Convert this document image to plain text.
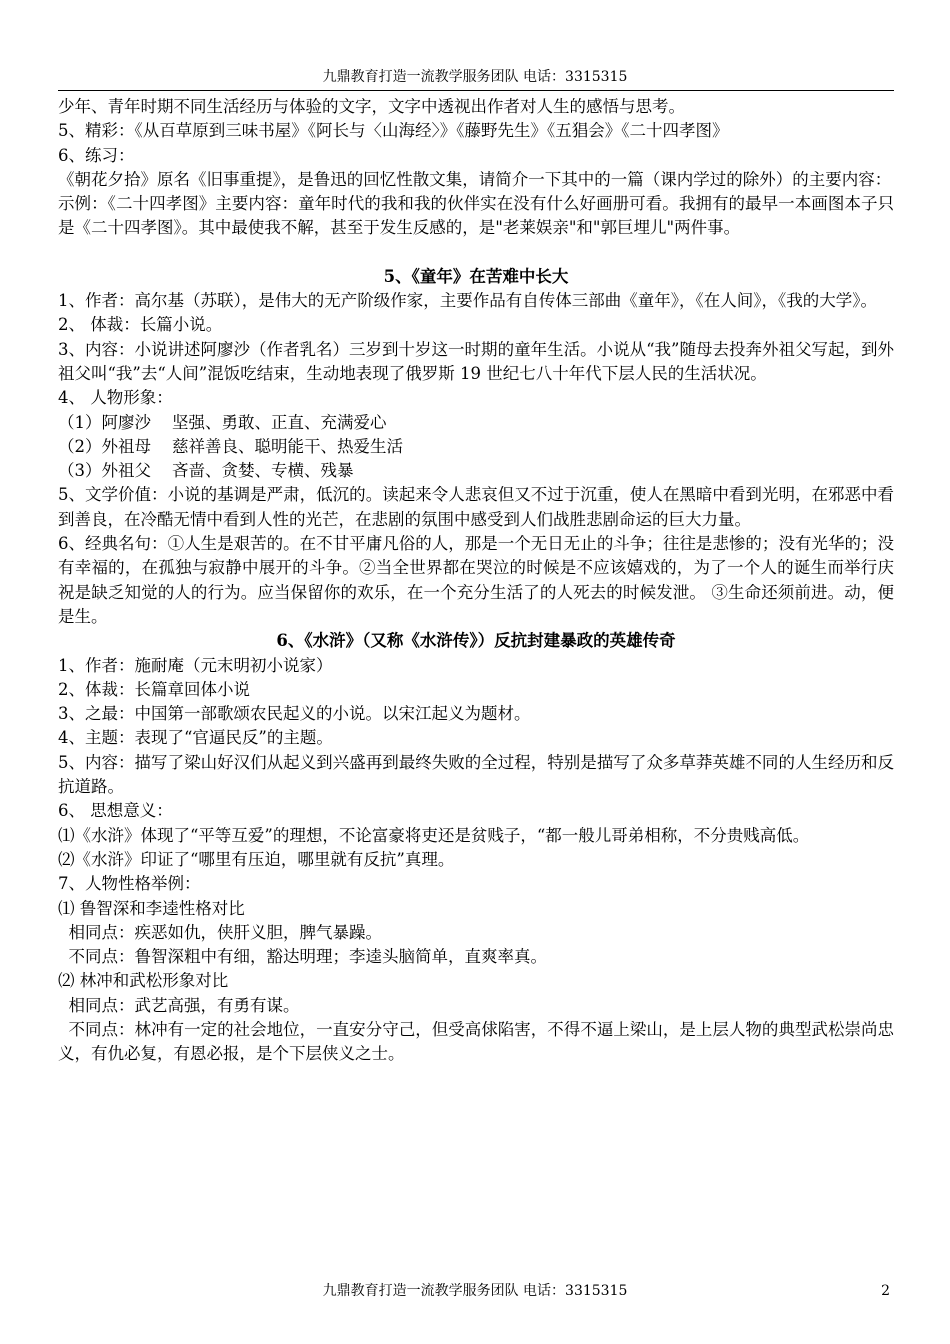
九鼎教育打造一流教学服务团队 电话：3315315

少年、青年时期不同生活经历与体验的文字，文字中透视出作者对人生的感悟与思考。

5、精彩：《从百草原到三味书屋》《阿长与〈山海经〉》《藤野先生》《五猖会》《二十四孝图》

6、练习：

《朝花夕拾》原名《旧事重提》，是鲁迅的回忆性散文集，请简介一下其中的一篇（课内学过的除外）的主要内容：

示例：《二十四孝图》主要内容：童年时代的我和我的伙伴实在没有什么好画册可看。我拥有的最早一本画图本子只是《二十四孝图》。其中最使我不解，甚至于发生反感的，是"老莱娱亲"和"郭巨埋儿"两件事。

5、《童年》在苦难中长大

1、作者：高尔基（苏联），是伟大的无产阶级作家，主要作品有自传体三部曲《童年》，《在人间》，《我的大学》。

2、 体裁：长篇小说。

3、内容：小说讲述阿廖沙（作者乳名）三岁到十岁这一时期的童年生活。小说从“我”随母去投奔外祖父写起，到外祖父叫“我”去“人间”混饭吃结束，生动地表现了俄罗斯 19 世纪七八十年代下层人民的生活状况。

4、 人物形象：

（1）阿廖沙    坚强、勇敢、正直、充满爱心

（2）外祖母    慈祥善良、聪明能干、热爱生活

（3）外祖父    吝啬、贪婪、专横、残暴

5、文学价值：小说的基调是严肃，低沉的。读起来令人悲哀但又不过于沉重，使人在黑暗中看到光明，在邪恶中看到善良，在冷酷无情中看到人性的光芒，在悲剧的氛围中感受到人们战胜悲剧命运的巨大力量。

6、经典名句：①人生是艰苦的。在不甘平庸凡俗的人，那是一个无日无止的斗争；往往是悲惨的；没有光华的；没有幸福的，在孤独与寂静中展开的斗争。②当全世界都在哭泣的时候是不应该嬉戏的，为了一个人的诞生而举行庆祝是缺乏知觉的人的行为。应当保留你的欢乐，在一个充分生活了的人死去的时候发泄。 ③生命还须前进。动，便是生。

6、《水浒》（又称《水浒传》）反抗封建暴政的英雄传奇

1、作者：施耐庵（元末明初小说家）

2、体裁：长篇章回体小说

3、之最：中国第一部歌颂农民起义的小说。以宋江起义为题材。

4、主题：表现了“官逼民反”的主题。

5、内容：描写了梁山好汉们从起义到兴盛再到最终失败的全过程，特别是描写了众多草莽英雄不同的人生经历和反抗道路。

6、 思想意义：

⑴《水浒》体现了“平等互爱”的理想，不论富豪将吏还是贫贱子，“都一般儿哥弟相称，不分贵贱高低。

⑵《水浒》印证了“哪里有压迫，哪里就有反抗”真理。

7、人物性格举例：

⑴ 鲁智深和李逵性格对比

相同点：疾恶如仇，侠肝义胆，脾气暴躁。

不同点：鲁智深粗中有细，豁达明理；李逵头脑简单，直爽率真。

⑵ 林冲和武松形象对比

相同点：武艺高强，有勇有谋。

不同点：林冲有一定的社会地位，一直安分守己，但受高俅陷害，不得不逼上梁山，是上层人物的典型武松崇尚忠义，有仇必复，有恩必报，是个下层侠义之士。

九鼎教育打造一流教学服务团队 电话：3315315	2
